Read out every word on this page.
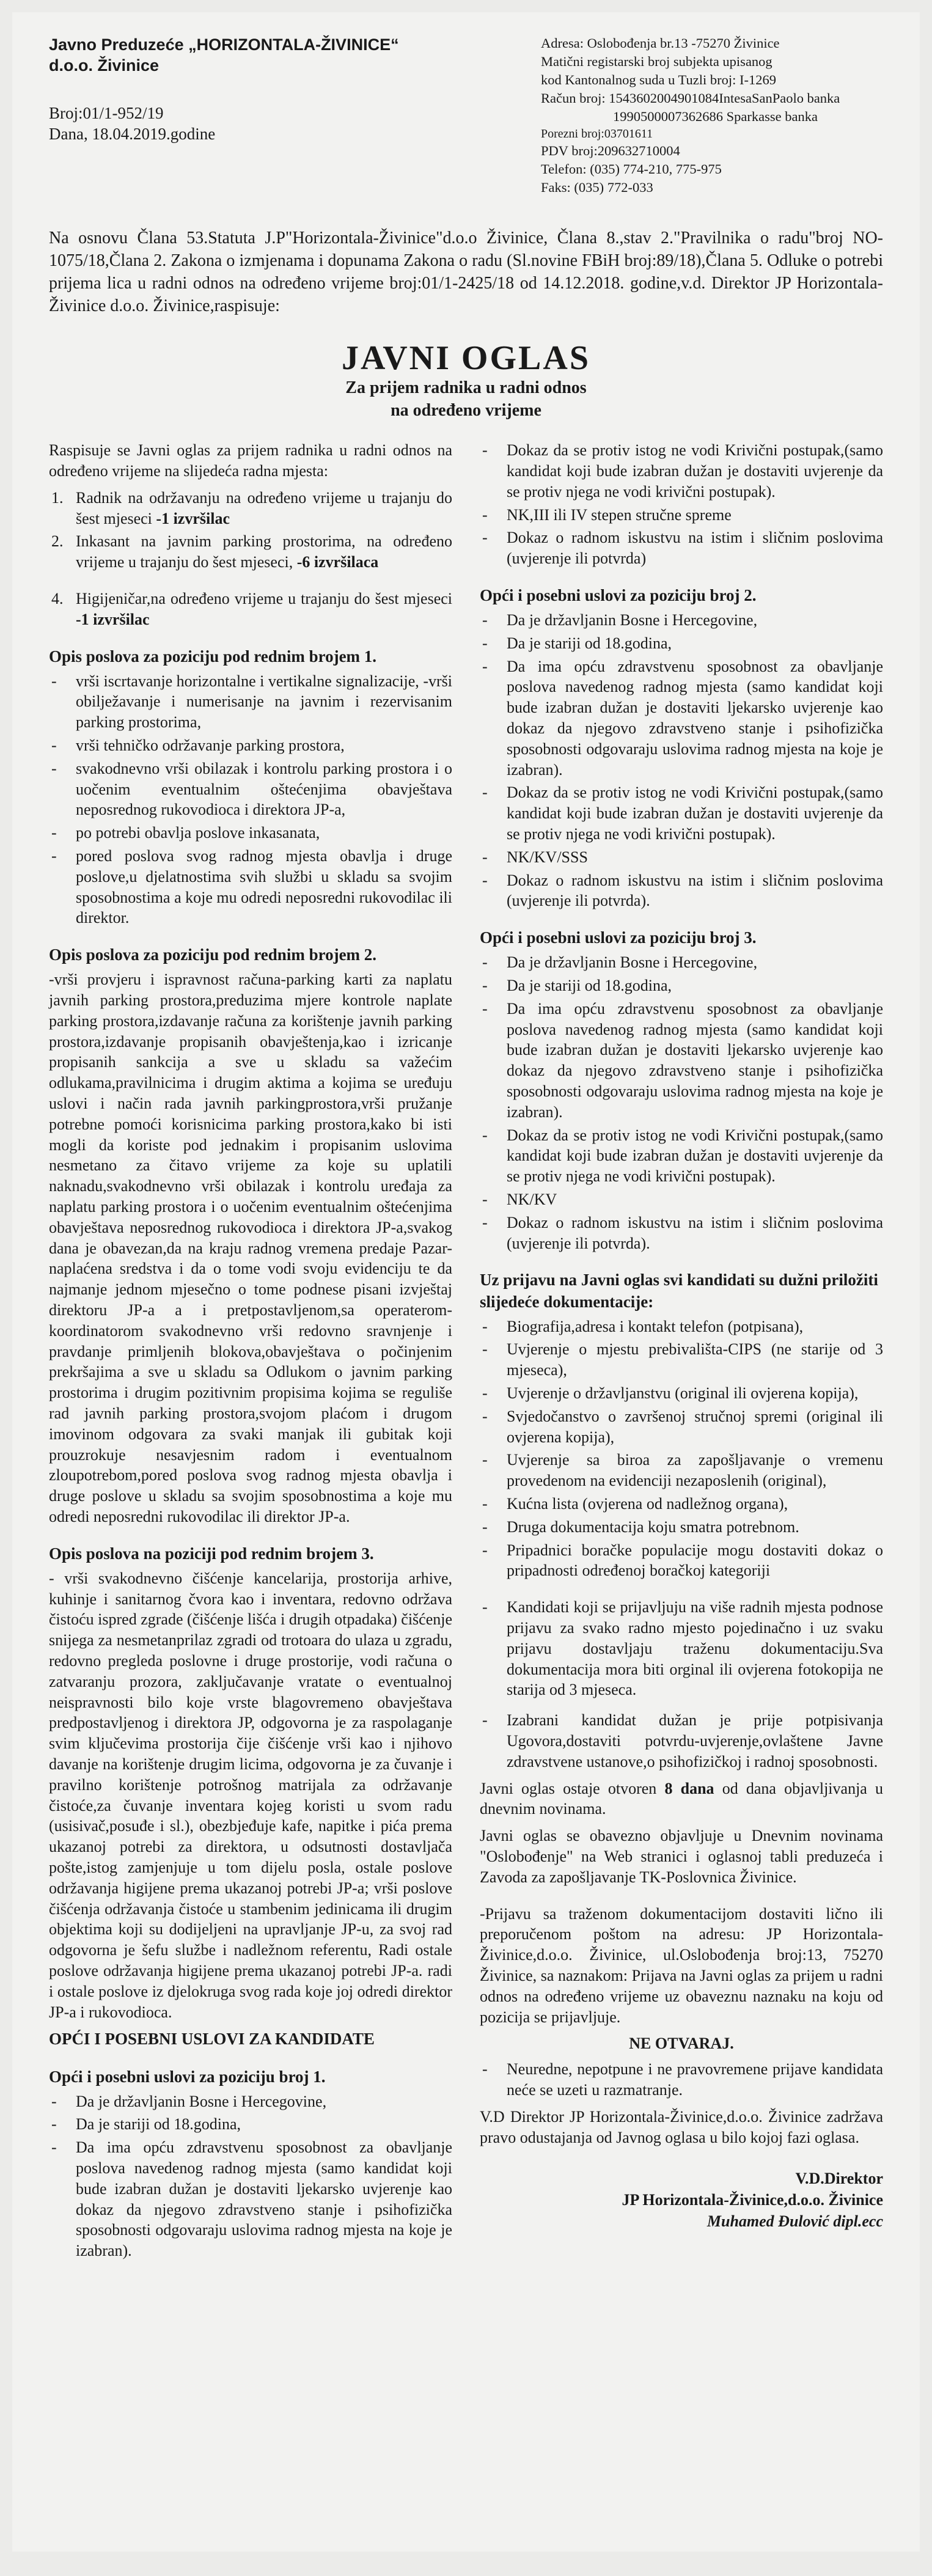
Javno Preduzeće „HORIZONTALA-ŽIVINICE“
d.o.o. Živinice
Broj:01/1-952/19
Dana, 18.04.2019.godine
Adresa: Oslobođenja br.13 -75270 Živinice
Matični registarski broj subjekta upisanog
kod Kantonalnog suda u Tuzli broj: I-1269
Račun broj: 1543602004901084IntesaSanPaolo banka
1990500007362686 Sparkasse banka
Porezni broj:03701611
PDV broj:209632710004
Telefon: (035) 774-210, 775-975
Faks: (035) 772-033
Na osnovu Člana 53.Statuta J.P"Horizontala-Živinice"d.o.o Živinice, Člana 8.,stav 2."Pravilnika o radu"broj NO-1075/18,Člana 2. Zakona o izmjenama i dopunama Zakona o radu (Sl.novine FBiH broj:89/18),Člana 5. Odluke o potrebi prijema lica u radni odnos na određeno vrijeme broj:01/1-2425/18 od 14.12.2018. godine,v.d. Direktor JP Horizontala-Živinice d.o.o. Živinice,raspisuje:
JAVNI OGLAS
Za prijem radnika u radni odnos
na određeno vrijeme

Raspisuje se Javni oglas za prijem radnika u radni odnos na određeno vrijeme na slijedeća radna mjesta:

1. Radnik na održavanju na određeno vrijeme u trajanju do šest mjeseci -1 izvršilac
2. Inkasant na javnim parking prostorima, na određeno vrijeme u trajanju do šest mjeseci, -6 izvršilaca
4. Higijeničar,na određeno vrijeme u trajanju do šest mjeseci -1 izvršilac
Opis poslova za poziciju pod rednim brojem 1.
- vrši iscrtavanje horizontalne i vertikalne signalizacije, -vrši obilježavanje i numerisanje na javnim i rezervisanim parking prostorima,
- vrši tehničko održavanje parking prostora,
- svakodnevno vrši obilazak i kontrolu parking prostora i o uočenim eventualnim oštećenjima obavještava neposrednog rukovodioca i direktora JP-a,
- po potrebi obavlja poslove inkasanata,
- pored poslova svog radnog mjesta obavlja i druge poslove,u djelatnostima svih službi u skladu sa svojim sposobnostima a koje mu odredi neposredni rukovodilac ili direktor.
Opis poslova za poziciju pod rednim brojem 2.

-vrši provjeru i ispravnost računa-parking karti za naplatu javnih parking prostora,preduzima mjere kontrole naplate parking prostora,izdavanje računa za korištenje javnih parking prostora,izdavanje propisanih obavještenja,kao i izricanje propisanih sankcija a sve u skladu sa važećim odlukama,pravilnicima i drugim aktima a kojima se uređuju uslovi i način rada javnih parkingprostora,vrši pružanje potrebne pomoći korisnicima parking prostora,kako bi isti mogli da koriste pod jednakim i propisanim uslovima nesmetano za čitavo vrijeme za koje su uplatili naknadu,svakodnevno vrši obilazak i kontrolu uređaja za naplatu parking prostora i o uočenim eventualnim oštećenjima obavještava neposrednog rukovodioca i direktora JP-a,svakog dana je obavezan,da na kraju radnog vremena predaje Pazar-naplaćena sredstva i da o tome vodi svoju evidenciju te da najmanje jednom mjesečno o tome podnese pisani izvještaj direktoru JP-a a i pretpostavljenom,sa operaterom-koordinatorom svakodnevno vrši redovno sravnjenje i pravdanje primljenih blokova,obavještava o počinjenim prekršajima a sve u skladu sa Odlukom o javnim parking prostorima i drugim pozitivnim propisima kojima se reguliše rad javnih parking prostora,svojom plaćom i drugom imovinom odgovara za svaki manjak ili gubitak koji prouzrokuje nesavjesnim radom i eventualnom zloupotrebom,pored poslova svog radnog mjesta obavlja i druge poslove u skladu sa svojim sposobnostima a koje mu odredi neposredni rukovodilac ili direktor JP-a.

Opis poslova na poziciji pod rednim brojem 3.

- vrši svakodnevno čišćenje kancelarija, prostorija arhive, kuhinje i sanitarnog čvora kao i inventara, redovno održava čistoću ispred zgrade (čišćenje lišća i drugih otpadaka) čišćenje snijega za nesmetanprilaz zgradi od trotoara do ulaza u zgradu, redovno pregleda poslovne i druge prostorije, vodi računa o zatvaranju prozora, zaključavanje vratate o eventualnoj neispravnosti bilo koje vrste blagovremeno obavještava predpostavljenog i direktora JP, odgovorna je za raspolaganje svim ključevima prostorija čije čišćenje vrši kao i njihovo davanje na korištenje drugim licima, odgovorna je za čuvanje i pravilno korištenje potrošnog matrijala za održavanje čistoće,za čuvanje inventara kojeg koristi u svom radu (usisivač,posuđe i sl.), obezbjeđuje kafe, napitke i pića prema ukazanoj potrebi za direktora, u odsutnosti dostavljača pošte,istog zamjenjuje u tom dijelu posla, ostale poslove održavanja higijene prema ukazanoj potrebi JP-a; vrši poslove čišćenja održavanja čistoće u stambenim jedinicama ili drugim objektima koji su dodijeljeni na upravljanje JP-u, za svoj rad odgovorna je šefu službe i nadležnom referentu, Radi ostale poslove održavanja higijene prema ukazanoj potrebi JP-a. radi i ostale poslove iz djelokruga svog rada koje joj odredi direktor JP-a i rukovodioca.

OPĆI I POSEBNI USLOVI ZA KANDIDATE
Opći i posebni uslovi za poziciju broj 1.
- Da je državljanin Bosne i Hercegovine,
- Da je stariji od 18.godina,
- Da ima opću zdravstvenu sposobnost za obavljanje poslova navedenog radnog mjesta (samo kandidat koji bude izabran dužan je dostaviti ljekarsko uvjerenje kao dokaz da njegovo zdravstveno stanje i psihofizička sposobnosti odgovaraju uslovima radnog mjesta na koje je izabran).
- Dokaz da se protiv istog ne vodi Krivični postupak,(samo kandidat koji bude izabran dužan je dostaviti uvjerenje da se protiv njega ne vodi krivični postupak).
- NK,III ili IV stepen stručne spreme
- Dokaz o radnom iskustvu na istim i sličnim poslovima (uvjerenje ili potvrda)
Opći i posebni uslovi za poziciju broj 2.
- Da je državljanin Bosne i Hercegovine,
- Da je stariji od 18.godina,
- Da ima opću zdravstvenu sposobnost za obavljanje poslova navedenog radnog mjesta (samo kandidat koji bude izabran dužan je dostaviti ljekarsko uvjerenje kao dokaz da njegovo zdravstveno stanje i psihofizička sposobnosti odgovaraju uslovima radnog mjesta na koje je izabran).
- Dokaz da se protiv istog ne vodi Krivični postupak,(samo kandidat koji bude izabran dužan je dostaviti uvjerenje da se protiv njega ne vodi krivični postupak).
- NK/KV/SSS
- Dokaz o radnom iskustvu na istim i sličnim poslovima (uvjerenje ili potvrda).
Opći i posebni uslovi za poziciju broj 3.
- Da je državljanin Bosne i Hercegovine,
- Da je stariji od 18.godina,
- Da ima opću zdravstvenu sposobnost za obavljanje poslova navedenog radnog mjesta (samo kandidat koji bude izabran dužan je dostaviti ljekarsko uvjerenje kao dokaz da njegovo zdravstveno stanje i psihofizička sposobnosti odgovaraju uslovima radnog mjesta na koje je izabran).
- Dokaz da se protiv istog ne vodi Krivični postupak,(samo kandidat koji bude izabran dužan je dostaviti uvjerenje da se protiv njega ne vodi krivični postupak).
- NK/KV
- Dokaz o radnom iskustvu na istim i sličnim poslovima (uvjerenje ili potvrda).
Uz prijavu na Javni oglas svi kandidati su dužni priložiti slijedeće dokumentacije:
- Biografija,adresa i kontakt telefon (potpisana),
- Uvjerenje o mjestu prebivališta-CIPS (ne starije od 3 mjeseca),
- Uvjerenje o državljanstvu (original ili ovjerena kopija),
- Svjedočanstvo o završenoj stručnoj spremi (original ili ovjerena kopija),
- Uvjerenje sa biroa za zapošljavanje o vremenu provedenom na evidenciji nezaposlenih (original),
- Kućna lista (ovjerena od nadležnog organa),
- Druga dokumentacija koju smatra potrebnom.
- Pripadnici boračke populacije mogu dostaviti dokaz o pripadnosti određenoj boračkoj kategoriji
- Kandidati koji se prijavljuju na više radnih mjesta podnose prijavu za svako radno mjesto pojedinačno i uz svaku prijavu dostavljaju traženu dokumentaciju.Sva dokumentacija mora biti orginal ili ovjerena fotokopija ne starija od 3 mjeseca.
- Izabrani kandidat dužan je prije potpisivanja Ugovora,dostaviti potvrdu-uvjerenje,ovlaštene Javne zdravstvene ustanove,o psihofizičkoj i radnoj sposobnosti.

Javni oglas ostaje otvoren 8 dana od dana objavljivanja u dnevnim novinama.

Javni oglas se obavezno objavljuje u Dnevnim novinama "Oslobođenje" na Web stranici i oglasnoj tabli preduzeća i Zavoda za zapošljavanje TK-Poslovnica Živinice.

-Prijavu sa traženom dokumentacijom dostaviti lično ili preporučenom poštom na adresu: JP Horizontala-Živinice,d.o.o. Živinice, ul.Oslobođenja broj:13, 75270 Živinice, sa naznakom: Prijava na Javni oglas za prijem u radni odnos na određeno vrijeme uz obaveznu naznaku na koju od pozicija se prijavljuje.

NE OTVARAJ.
- Neuredne, nepotpune i ne pravovremene prijave kandidata neće se uzeti u razmatranje.

V.D Direktor JP Horizontala-Živinice,d.o.o. Živinice zadržava pravo odustajanja od Javnog oglasa u bilo kojoj fazi oglasa.

V.D.Direktor
JP Horizontala-Živinice,d.o.o. Živinice
Muhamed Đulović dipl.ecc
